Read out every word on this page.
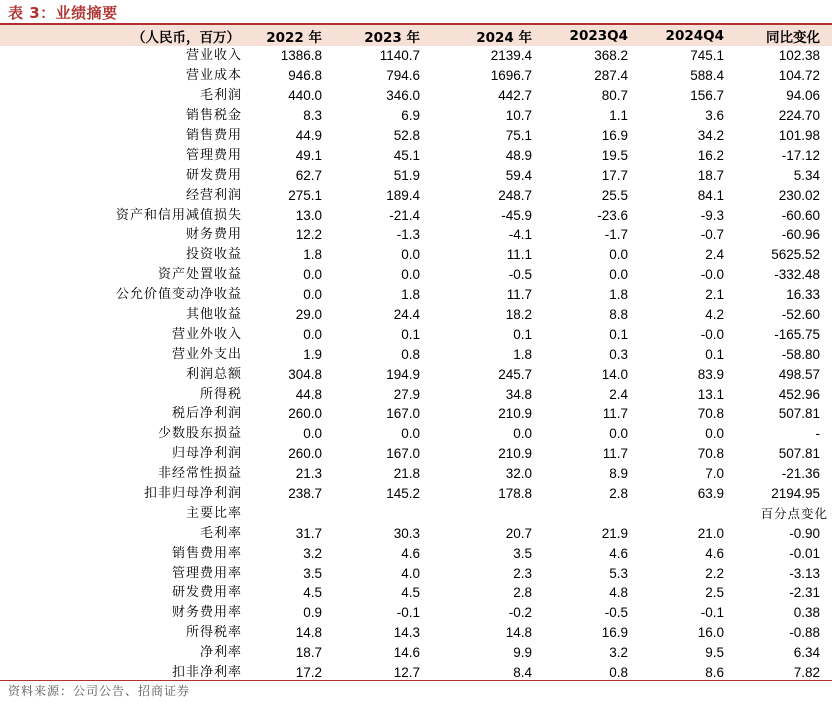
表 3：业绩摘要
（人民币，百万）	2022 年	2023 年	2024 年	2023Q4	2024Q4	同比变化
营业收入	1386.8	1140.7	2139.4	368.2	745.1	102.38
营业成本	946.8	794.6	1696.7	287.4	588.4	104.72
毛利润	440.0	346.0	442.7	80.7	156.7	94.06
销售税金	8.3	6.9	10.7	1.1	3.6	224.70
销售费用	44.9	52.8	75.1	16.9	34.2	101.98
管理费用	49.1	45.1	48.9	19.5	16.2	-17.12
研发费用	62.7	51.9	59.4	17.7	18.7	5.34
经营利润	275.1	189.4	248.7	25.5	84.1	230.02
资产和信用减值损失	13.0	-21.4	-45.9	-23.6	-9.3	-60.60
财务费用	12.2	-1.3	-4.1	-1.7	-0.7	-60.96
投资收益	1.8	0.0	11.1	0.0	2.4	5625.52
资产处置收益	0.0	0.0	-0.5	0.0	-0.0	-332.48
公允价值变动净收益	0.0	1.8	11.7	1.8	2.1	16.33
其他收益	29.0	24.4	18.2	8.8	4.2	-52.60
营业外收入	0.0	0.1	0.1	0.1	-0.0	-165.75
营业外支出	1.9	0.8	1.8	0.3	0.1	-58.80
利润总额	304.8	194.9	245.7	14.0	83.9	498.57
所得税	44.8	27.9	34.8	2.4	13.1	452.96
税后净利润	260.0	167.0	210.9	11.7	70.8	507.81
少数股东损益	0.0	0.0	0.0	0.0	0.0	-
归母净利润	260.0	167.0	210.9	11.7	70.8	507.81
非经常性损益	21.3	21.8	32.0	8.9	7.0	-21.36
扣非归母净利润	238.7	145.2	178.8	2.8	63.9	2194.95
主要比率						百分点变化
毛利率	31.7	30.3	20.7	21.9	21.0	-0.90
销售费用率	3.2	4.6	3.5	4.6	4.6	-0.01
管理费用率	3.5	4.0	2.3	5.3	2.2	-3.13
研发费用率	4.5	4.5	2.8	4.8	2.5	-2.31
财务费用率	0.9	-0.1	-0.2	-0.5	-0.1	0.38
所得税率	14.8	14.3	14.8	16.9	16.0	-0.88
净利率	18.7	14.6	9.9	3.2	9.5	6.34
扣非净利率	17.2	12.7	8.4	0.8	8.6	7.82
资料来源：公司公告、招商证券
